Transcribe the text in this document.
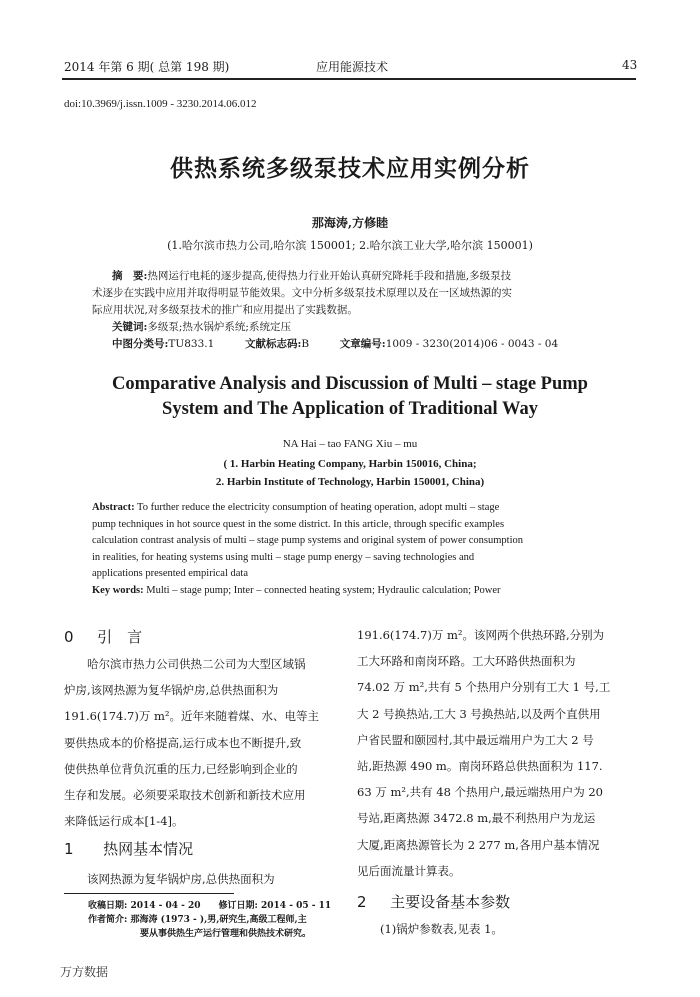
2014 年第 6 期( 总第 198 期)	应用能源技术	43
doi:10.3969/j.issn.1009 - 3230.2014.06.012
供热系统多级泵技术应用实例分析
那海涛,方修睦
(1.哈尔滨市热力公司,哈尔滨 150001; 2.哈尔滨工业大学,哈尔滨 150001)
摘　要:热网运行电耗的逐步提高,使得热力行业开始认真研究降耗手段和措施,多级泵技
术逐步在实践中应用并取得明显节能效果。文中分析多级泵技术原理以及在一区域热源的实
际应用状况,对多级泵技术的推广和应用提出了实践数据。
关键词:多级泵;热水锅炉系统;系统定压
中图分类号:TU833.1	文献标志码:B	文章编号:1009 - 3230(2014)06 - 0043 - 04
Comparative Analysis and Discussion of Multi – stage Pump
System and The Application of Traditional Way
NA Hai – tao FANG Xiu – mu
( 1. Harbin Heating Company, Harbin 150016, China;
2. Harbin Institute of Technology, Harbin 150001, China)
Abstract: To further reduce the electricity consumption of heating operation, adopt multi – stage
pump techniques in hot source quest in the some district. In this article, through specific examples
calculation contrast analysis of multi – stage pump systems and original system of power consumption
in realities, for heating systems using multi – stage pump energy – saving technologies and
applications presented empirical data
Key words: Multi – stage pump; Inter – connected heating system; Hydraulic calculation; Power
0 引　言
哈尔滨市热力公司供热二公司为大型区域锅
炉房,该网热源为复华锅炉房,总供热面积为
191.6(174.7)万 m²。近年来随着煤、水、电等主
要供热成本的价格提高,运行成本也不断提升,致
使供热单位背负沉重的压力,已经影响到企业的
生存和发展。必须要采取技术创新和新技术应用
来降低运行成本[1-4]。
1 热网基本情况
该网热源为复华锅炉房,总供热面积为
收稿日期: 2014 - 04 - 20　　修订日期: 2014 - 05 - 11
作者简介: 那海涛 (1973 - ),男,研究生,高级工程师,主
要从事供热生产运行管理和供热技术研究。
191.6(174.7)万 m²。该网两个供热环路,分别为
工大环路和南岗环路。工大环路供热面积为
74.02 万 m²,共有 5 个热用户分别有工大 1 号,工
大 2 号换热站,工大 3 号换热站,以及两个直供用
户省民盟和颐园村,其中最远端用户为工大 2 号
站,距热源 490 m。南岗环路总供热面积为 117.
63 万 m²,共有 48 个热用户,最远端热用户为 20
号站,距离热源 3472.8 m,最不利热用户为龙运
大厦,距离热源管长为 2 277 m,各用户基本情况
见后面流量计算表。
2 主要设备基本参数
(1)锅炉参数表,见表 1。
万方数据
